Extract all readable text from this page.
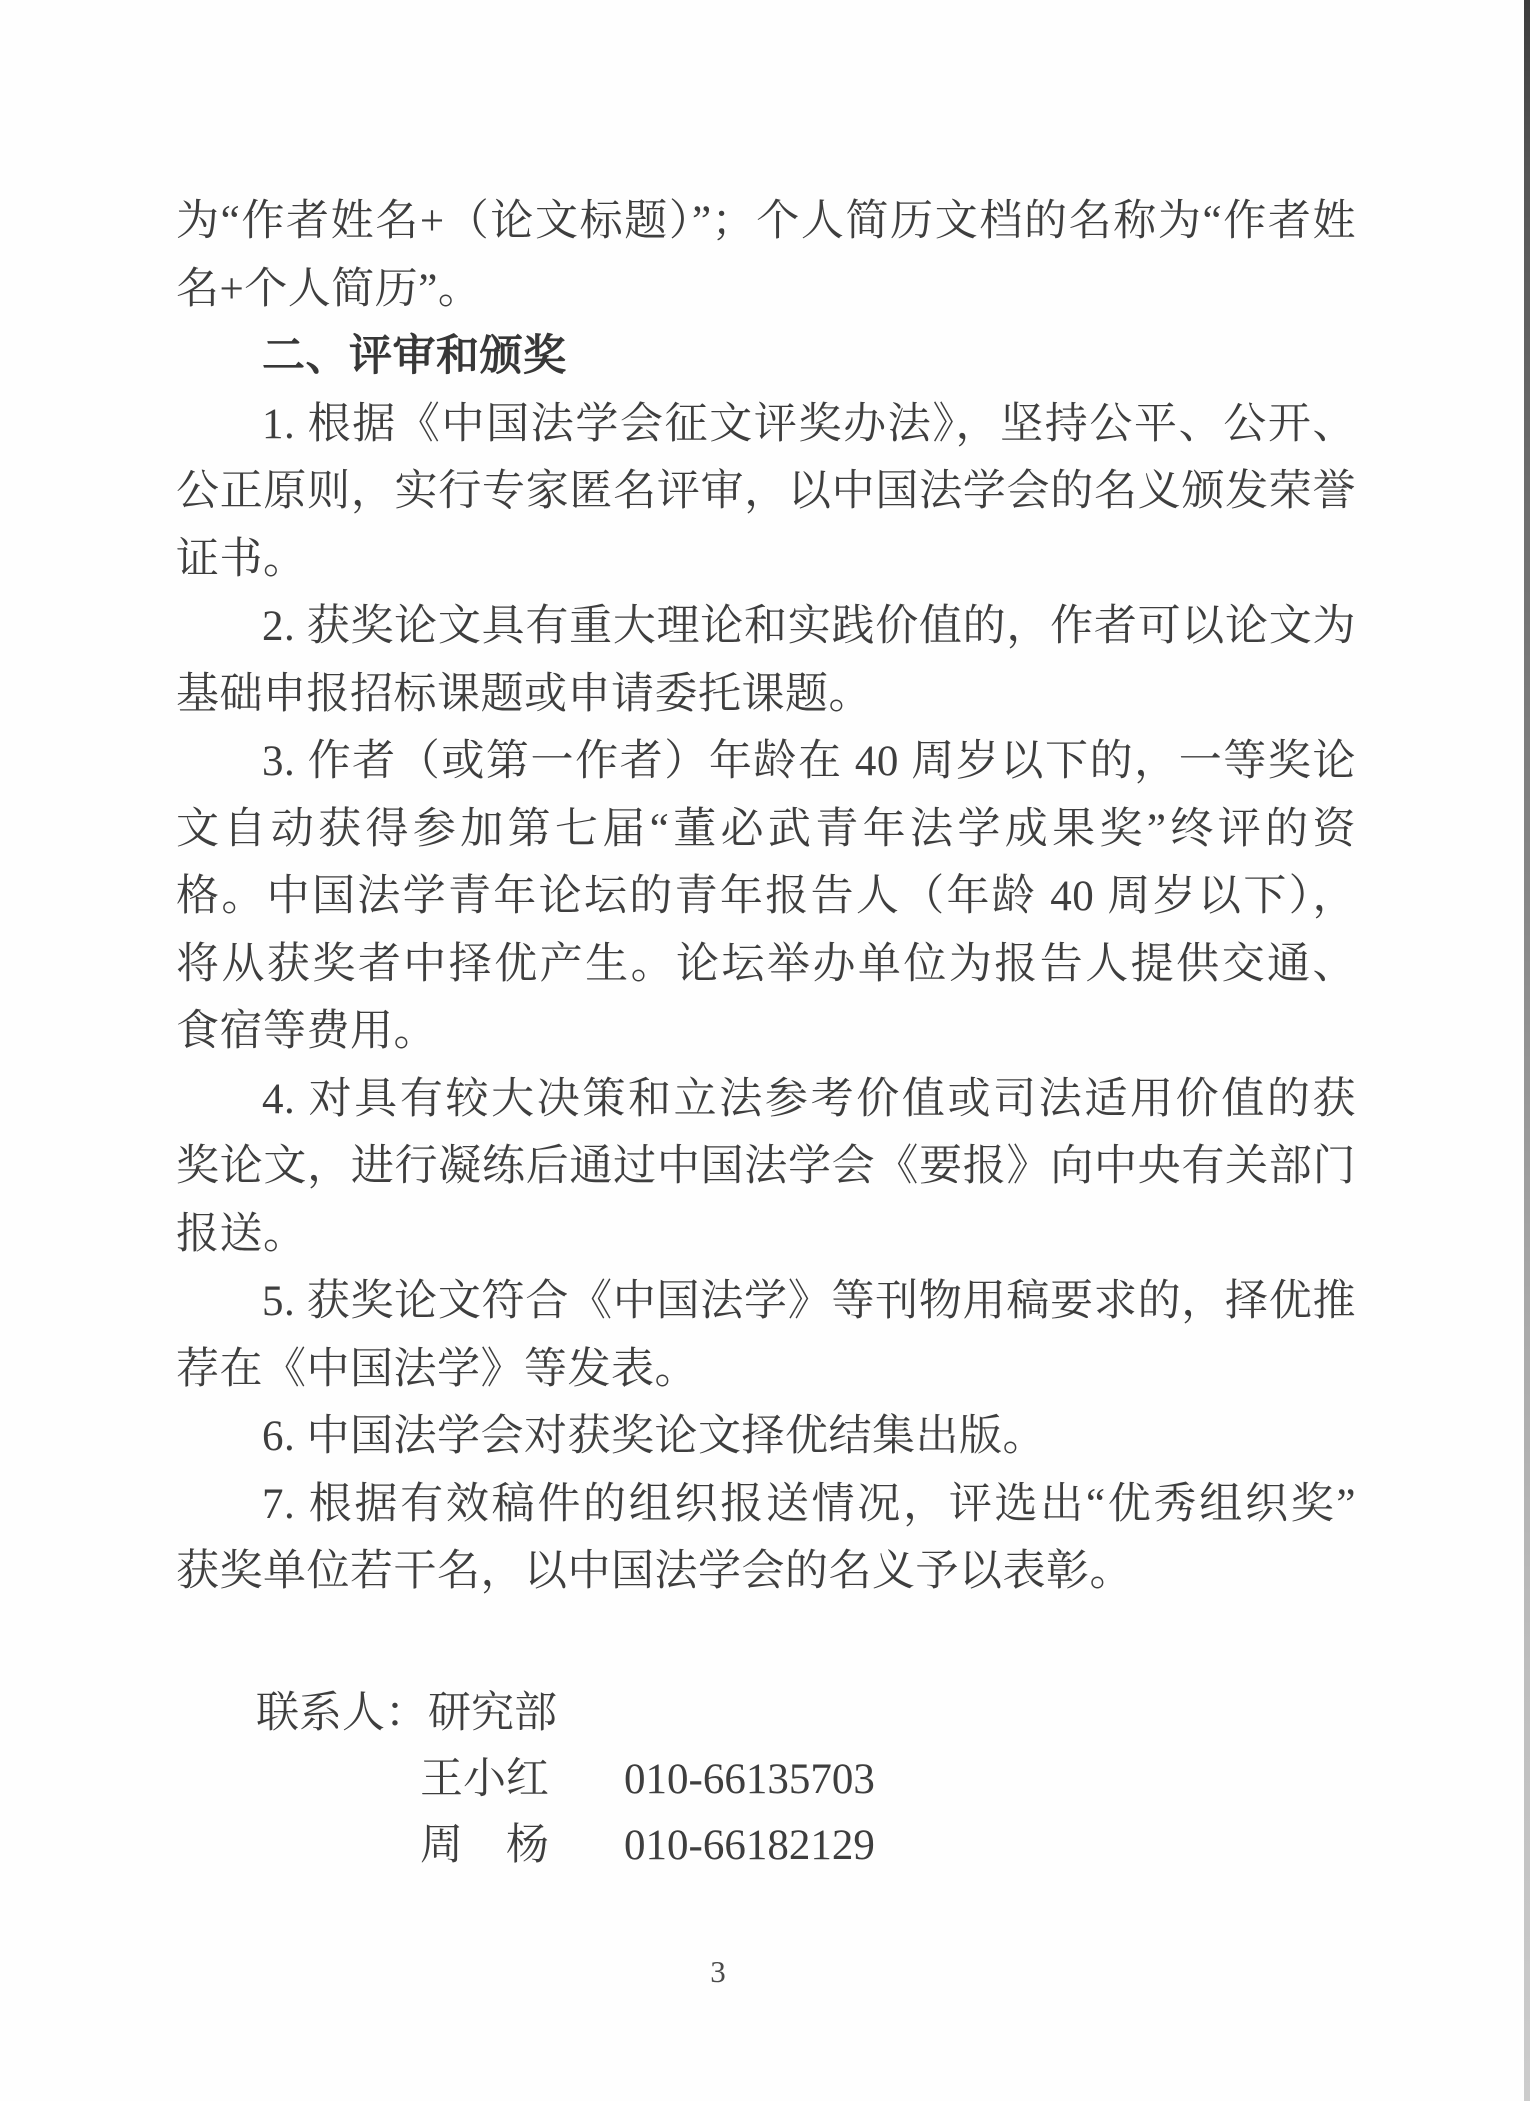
为“作者姓名+（论文标题）”；个人简历文档的名称为“作者姓
名+个人简历”。
二、评审和颁奖
1. 根据《中国法学会征文评奖办法》，坚持公平、公开、
公正原则，实行专家匿名评审，以中国法学会的名义颁发荣誉
证书。
2. 获奖论文具有重大理论和实践价值的，作者可以论文为
基础申报招标课题或申请委托课题。
3. 作者（或第一作者）年龄在 40 周岁以下的，一等奖论
文自动获得参加第七届“董必武青年法学成果奖”终评的资
格。中国法学青年论坛的青年报告人（年龄 40 周岁以下），
将从获奖者中择优产生。论坛举办单位为报告人提供交通、
食宿等费用。
4. 对具有较大决策和立法参考价值或司法适用价值的获
奖论文，进行凝练后通过中国法学会《要报》向中央有关部门
报送。
5. 获奖论文符合《中国法学》等刊物用稿要求的，择优推
荐在《中国法学》等发表。
6. 中国法学会对获奖论文择优结集出版。
7. 根据有效稿件的组织报送情况，评选出“优秀组织奖”
获奖单位若干名，以中国法学会的名义予以表彰。
联系人：研究部
王小红 010-66135703
周　杨 010-66182129
3
